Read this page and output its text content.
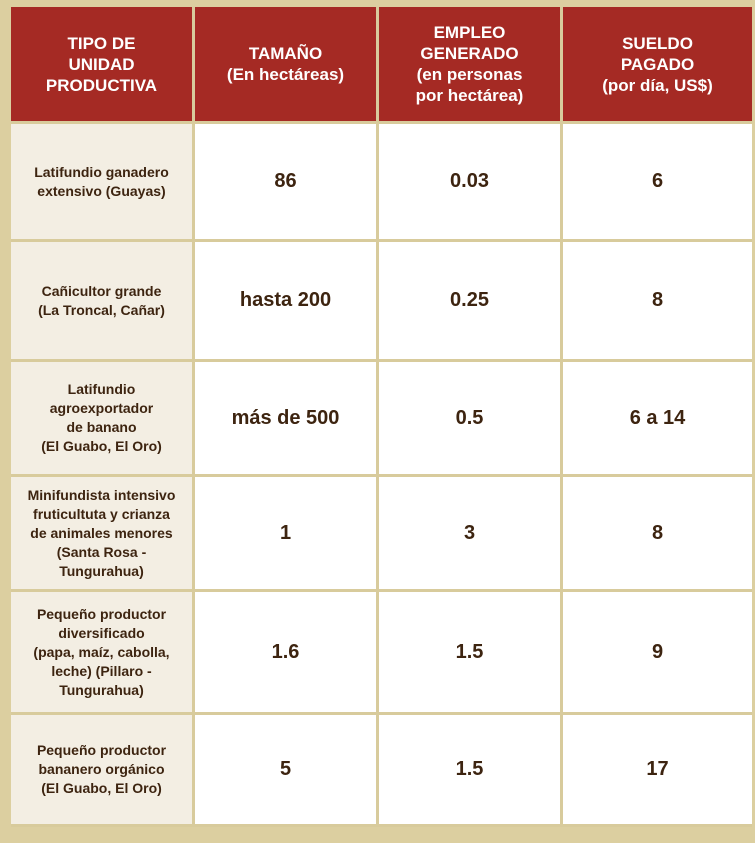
TIPO DE
UNIDAD
PRODUCTIVA	TAMAÑO
(En hectáreas)	EMPLEO
GENERADO
(en personas
por hectárea)	SUELDO
PAGADO
(por día, US$)
Latifundio ganadero
extensivo (Guayas)	86	0.03	6
Cañicultor grande
(La Troncal, Cañar)	hasta 200	0.25	8
Latifundio
agroexportador
de banano
(El Guabo, El Oro)	más de 500	0.5	6 a 14
Minifundista intensivo
fruticultuta y crianza
de animales menores
(Santa Rosa -
Tungurahua)	1	3	8
Pequeño productor
diversificado
(papa, maíz, cabolla,
leche) (Pillaro -
Tungurahua)	1.6	1.5	9
Pequeño productor
bananero orgánico
(El Guabo, El Oro)	5	1.5	17
